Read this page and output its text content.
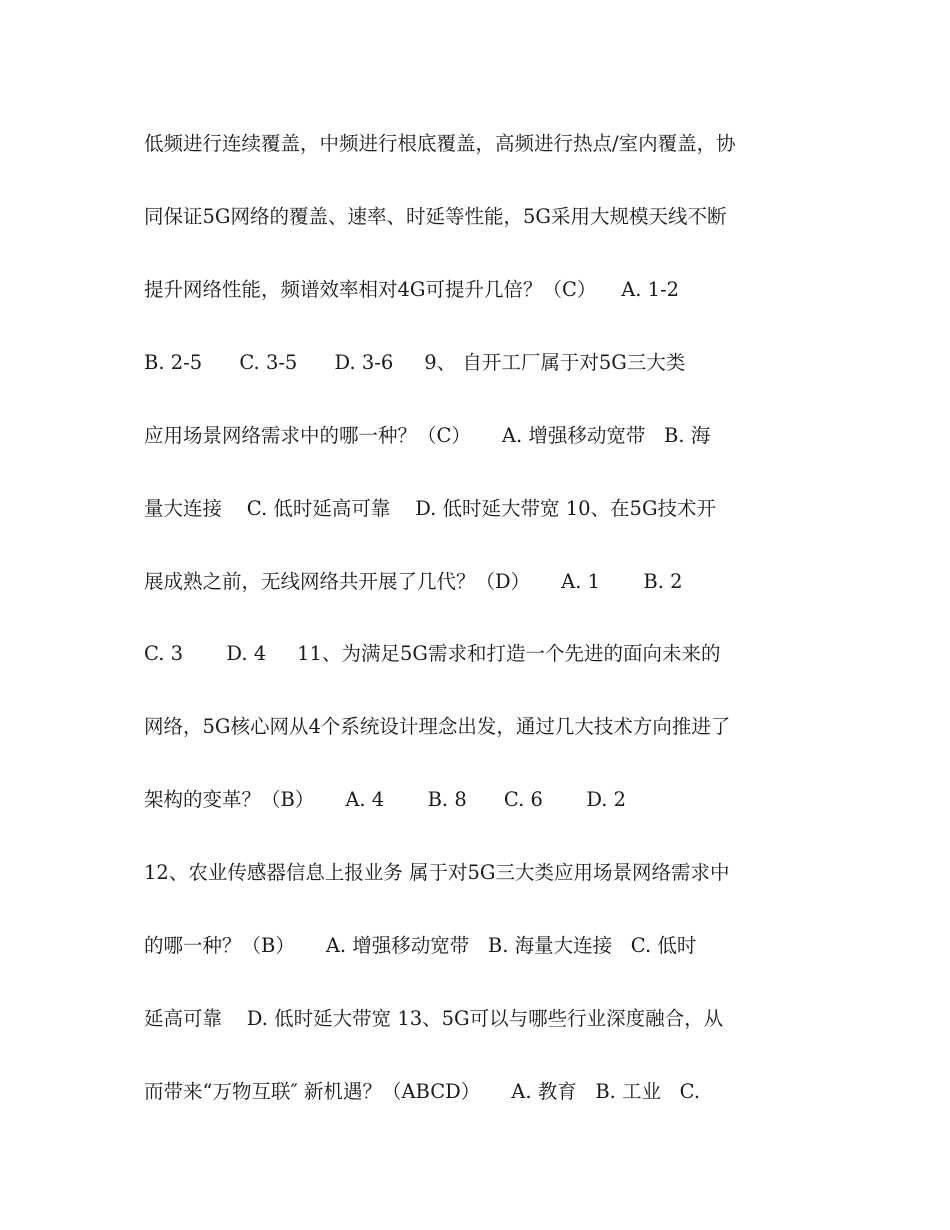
低频进行连续覆盖，中频进行根底覆盖，高频进行热点/室内覆盖，协
同保证5G网络的覆盖、速率、时延等性能，5G采用大规模天线不断
提升网络性能，频谱效率相对4G可提升几倍？（C）    A. 1-2
B. 2-5      C. 3-5      D. 3-6     9、 自开工厂属于对5G三大类
应用场景网络需求中的哪一种？（C）     A. 增强移动宽带   B. 海
量大连接    C. 低时延高可靠    D. 低时延大带宽 10、在5G技术开
展成熟之前，无线网络共开展了几代？（D）     A. 1       B. 2
C. 3       D. 4     11、为满足5G需求和打造一个先进的面向未来的
网络，5G核心网从4个系统设计理念出发，通过几大技术方向推进了
架构的变革？（B）     A. 4       B. 8      C. 6       D. 2
12、农业传感器信息上报业务 属于对5G三大类应用场景网络需求中
的哪一种？（B）     A. 增强移动宽带   B. 海量大连接   C. 低时
延高可靠    D. 低时延大带宽 13、5G可以与哪些行业深度融合，从
而带来“万物互联″ 新机遇？（ABCD）     A. 教育   B. 工业   C.
